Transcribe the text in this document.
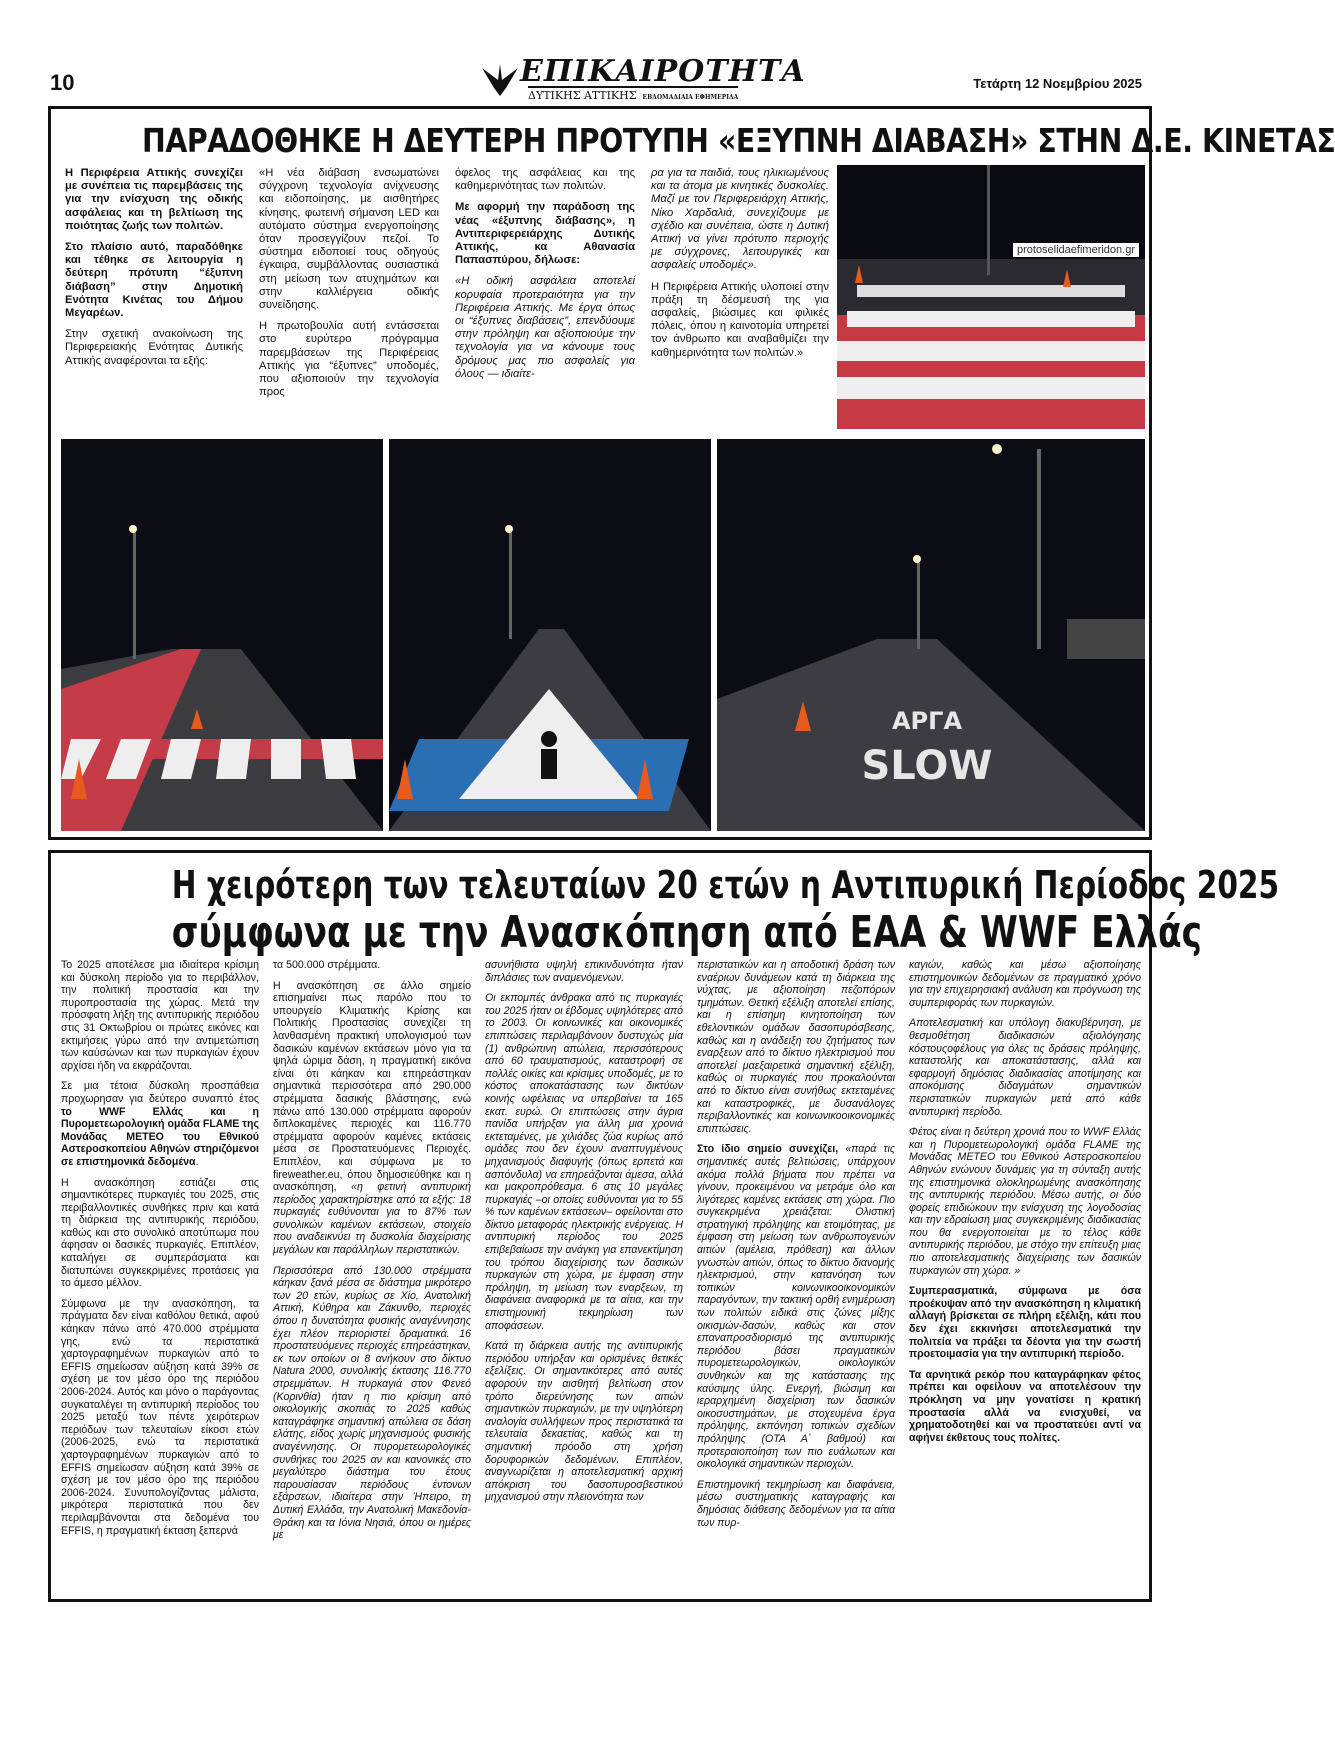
10	ΕΠΙΚΑΙΡΟΤΗΤΑ
ΔΥΤΙΚΗΣ ΑΤΤΙΚΗΣ ΕΒΔΟΜΑΔΙΑΙΑ ΕΦΗΜΕΡΙΔΑ
Τετάρτη 12 Νοεμβρίου 2025
ΠΑΡΑΔΟΘΗΚΕ Η ΔΕΥΤΕΡΗ ΠΡΟΤΥΠΗ «ΕΞΥΠΝΗ ΔΙΑΒΑΣΗ» ΣΤΗΝ Δ.Ε. ΚΙΝΕΤΑΣ

Η Περιφέρεια Αττικής συνεχίζει με συνέπεια τις παρεμβάσεις της για την ενίσχυση της οδικής ασφάλειας και τη βελτίωση της ποιότητας ζωής των πολιτών.

Στο πλαίσιο αυτό, παραδόθηκε και τέθηκε σε λειτουργία η δεύτερη πρότυπη “έξυπνη διάβαση” στην Δημοτική Ενότητα Κινέτας του Δήμου Μεγαρέων.

Στην σχετική ανακοίνωση της Περιφερειακής Ενότητας Δυτικής Αττικής αναφέρονται τα εξής:

«Η νέα διάβαση ενσωματώνει σύγχρονη τεχνολογία ανίχνευσης και ειδοποίησης, με αισθητήρες κίνησης, φωτεινή σήμανση LED και αυτόματο σύστημα ενεργοποίησης όταν προσεγγίζουν πεζοί. Το σύστημα ειδοποιεί τους οδηγούς έγκαιρα, συμβάλλοντας ουσιαστικά στη μείωση των ατυχημάτων και στην καλλιέργεια οδικής συνείδησης.

Η πρωτοβουλία αυτή εντάσσεται στο ευρύτερο πρόγραμμα παρεμβάσεων της Περιφέρειας Αττικής για “έξυπνες” υποδομές, που αξιοποιούν την τεχνολογία προς

όφελος της ασφάλειας και της καθημερινότητας των πολιτών.

Με αφορμή την παράδοση της νέας «έξυπνης διάβασης», η Αντιπεριφερειάρχης Δυτικής Αττικής, κα Αθανασία Παπασπύρου, δήλωσε:

«Η οδική ασφάλεια αποτελεί κορυφαία προτεραιότητα για την Περιφέρεια Αττικής. Με έργα όπως οι “έξυπνες διαβάσεις”, επενδύουμε στην πρόληψη και αξιοποιούμε την τεχνολογία για να κάνουμε τους δρόμους μας πιο ασφαλείς για όλους — ιδιαίτε-

ρα για τα παιδιά, τους ηλικιωμένους και τα άτομα με κινητικές δυσκολίες. Μαζί με τον Περιφερειάρχη Αττικής, Νίκο Χαρδαλιά, συνεχίζουμε με σχέδιο και συνέπεια, ώστε η Δυτική Αττική να γίνει πρότυπο περιοχής με σύγχρονες, λειτουργικές και ασφαλείς υποδομές».

Η Περιφέρεια Αττικής υλοποιεί στην πράξη τη δέσμευσή της για ασφαλείς, βιώσιμες και φιλικές πόλεις, όπου η καινοτομία υπηρετεί τον άνθρωπο και αναβαθμίζει την καθημερινότητα των πολιτών.»

protoselidaefimeridon.gr
ΑΡΓΑ
SLOW
Η χειρότερη των τελευταίων 20 ετών η Αντιπυρική Περίοδος 2025
σύμφωνα με την Ανασκόπηση από ΕΑΑ & WWF Ελλάς

Το 2025 αποτέλεσε μια ιδιαίτερα κρίσιμη και δύσκολη περίοδο για το περιβάλλον, την πολιτική προστασία και την πυροπροστασία της χώρας. Μετά την πρόσφατη λήξη της αντιπυρικής περιόδου στις 31 Οκτωβρίου οι πρώτες εικόνες και εκτιμήσεις γύρω από την αντιμετώπιση των καύσώνων και των πυρκαγιών έχουν αρχίσει ήδη να εκφράζονται.

Σε μια τέτοια δύσκολη προσπάθεια προχωρησαν για δεύτερο συναπτό έτος το WWF Ελλάς και η Πυρομετεωρολογική ομάδα FLAME της Μονάδας ΜΕΤΕΟ του Εθνικού Αστεροσκοπείου Αθηνών στηριζόμενοι σε επιστημονικά δεδομένα.

Η ανασκόπηση εστιάζει στις σημαντικότερες πυρκαγιές του 2025, στις περιβαλλοντικές συνθήκες πριν και κατά τη διάρκεια της αντιπυρικής περιόδου, καθώς και στο συνολικό αποτύπωμα που άφησαν οι δασικές πυρκαγιές. Επιπλέον, καταλήγει σε συμπεράσματα και διατυπώνει συγκεκριμένες προτάσεις για το άμεσο μέλλον.

Σύμφωνα με την ανασκόπηση, τα πράγματα δεν είναι καθόλου θετικά, αφού κάηκαν πάνω από 470.000 στρέμματα γης, ενώ τα περιστατικά χαρτογραφημένων πυρκαγιών από το EFFIS σημείωσαν αύξηση κατά 39% σε σχέση με τον μέσο όρο της περιόδου 2006-2024. Αυτός και μόνο ο παράγοντας συγκαταλέγει τη αντιπυρική περίοδος του 2025 μεταξύ των πέντε χειρότερων περιόδων των τελευταίων είκοσι ετών (2006-2025, ενώ τα περιστατικά χαρτογραφημένων πυρκαγιών από το EFFIS σημείωσαν αύξηση κατά 39% σε σχέση με τον μέσο όρο της περιόδου 2006-2024. Συνυπολογίζοντας μάλιστα, μικρότερα περιστατικά που δεν περιλαμβάνονται στα δεδομένα του EFFIS, η πραγματική έκταση ξεπερνά

τα 500.000 στρέμματα.

Η ανασκόπηση σε άλλο σημείο επισημαίνει πως παρόλο που το υπουργείο Κλιματικής Κρίσης και Πολιτικής Προστασίας συνεχίζει τη λανθασμένη πρακτική υπολογισμού των δασικών καμένων εκτάσεων μόνο για τα ψηλά ώριμα δάση, η πραγματική εικόνα είναι ότι κάηκαν και επηρεάστηκαν σημαντικά περισσότερα από 290.000 στρέμματα δασικής βλάστησης, ενώ πάνω από 130.000 στρέμματα αφορούν διπλοκαμένες περιοχές και 116.770 στρέμματα αφορούν καμένες εκτάσεις μέσα σε Προστατευόμενες Περιοχές. Επιπλέον, και σύμφωνα με το fireweather.eu, όπου δημοσιεύθηκε και η ανασκόπηση, «η φετινή αντιπυρική περίοδος χαρακτηρίστηκε από τα εξής: 18 πυρκαγιές ευθύνονται για το 87% των συνολικών καμένων εκτάσεων, στοιχείο που αναδεικνύει τη δυσκολία διαχείρισης μεγάλων και παράλληλων περιστατικών.

Περισσότερα από 130.000 στρέμματα κάηκαν ξανά μέσα σε διάστημα μικρότερο των 20 ετών, κυρίως σε Χίο, Ανατολική Αττική, Κύθηρα και Ζάκυνθο, περιοχές όπου η δυνατότητα φυσικής αναγέννησης έχει πλέον περιοριστεί δραματικά. 16 προστατευόμενες περιοχές επηρεάστηκαν, εκ των οποίων οι 8 ανήκουν στο δίκτυο Natura 2000, συνολικής έκτασης 116.770 στρεμμάτων. Η πυρκαγιά στον Φενεό (Κορινθία) ήταν η πιο κρίσιμη από οικολογικής σκοπιάς το 2025 καθώς καταγράφηκε σημαντική απώλεια σε δάση ελάτης, είδος χωρίς μηχανισμούς φυσικής αναγέννησης. Οι πυρομετεωρολογικές συνθήκες του 2025 αν και κανονικές στο μεγαλύτερο διάστημα του έτους παρουσίασαν περιόδους έντονων εξάρσεων, ιδιαίτερα στην Ήπειρο, τη Δυτική Ελλάδα, την Ανατολική Μακεδονία-Θράκη και τα Ιόνια Νησιά, όπου οι ημέρες με

ασυνήθιστα υψηλή επικινδυνότητα ήταν διπλάσιες των αναμενόμενων.

Οι εκπομπές άνθρακα από τις πυρκαγιές του 2025 ήταν οι έβδομες υψηλότερες από το 2003. Οι κοινωνικές και οικονομικές επιπτώσεις περιλαμβάνουν δυστυχώς μία (1) ανθρώπινη απώλεια, περισσότερους από 60 τραυματισμούς, καταστροφή σε πολλές οικίες και κρίσιμες υποδομές, με το κόστος αποκατάστασης των δικτύων κοινής ωφέλειας να υπερβαίνει τα 165 εκατ. ευρώ. Οι επιπτώσεις στην άγρια πανίδα υπήρξαν για άλλη μια χρονιά εκτεταμένες, με χιλιάδες ζώα κυρίως από ομάδες που δεν έχουν αναπτυγμένους μηχανισμούς διαφυγής (όπως ερπετά και ασπόνδυλα) να επηρεάζονται άμεσα, αλλά και μακροπρόθεσμα. 6 στις 10 μεγάλες πυρκαγιές –οι οποίες ευθύνονται για το 55 % των καμένων εκτάσεων– οφείλονται στο δίκτυο μεταφοράς ηλεκτρικής ενέργειας. Η αντιπυρική περίοδος του 2025 επιβεβαίωσε την ανάγκη για επανεκτίμηση του τρόπου διαχείρισης των δασικών πυρκαγιών στη χώρα, με έμφαση στην πρόληψη, τη μείωση των εναρξεων, τη διαφάνεια αναφορικά με τα αίτια, και την επιστημονική τεκμηρίωση των αποφάσεων.

Κατά τη διάρκεια αυτής της αντιπυρικής περιόδου υπήρξαν και ορισμένες θετικές εξελίξεις. Οι σημαντικότερες από αυτές αφορούν την αισθητή βελτίωση στον τρόπο διερεύνησης των αιτιών σημαντικών πυρκαγιών, με την υψηλότερη αναλογία συλλήψεων προς περιστατικά τα τελευταία δεκαετίας, καθώς και τη σημαντική πρόοδο στη χρήση δορυφορικών δεδομένων. Επιπλέον, αναγνωρίζεται η αποτελεσματική αρχική απόκριση του δασοπυροσβεστικού μηχανισμού στην πλειονότητα των

περιστατικών και η αποδοτική δράση των εναέριων δυνάμεων κατά τη διάρκεια της νύχτας, με αξιοποίηση πεζοπόρων τμημάτων. Θετική εξέλιξη αποτελεί επίσης, και η επίσημη κινητοποίηση των εθελοντικών ομάδων δασοπυρόσβεσης, καθώς και η ανάδειξη του ζητήματος των εναρξεων από το δίκτυο ηλεκτρισμού που αποτελεί μαεξαιρετικά σημαντική εξέλιξη, καθώς οι πυρκαγιές που προκαλούνται από το δίκτυο είναι συνήθως εκτεταμένες και καταστροφικές, με δυσανάλογες περιβαλλοντικές και κοινωνικοοικονομικές επιπτώσεις.

Στο ίδιο σημείο συνεχίζει, «παρά τις σημαντικές αυτές βελτιώσεις, υπάρχουν ακόμα πολλά βήματα που πρέπει να γίνουν, προκειμένου να μετράμε όλο και λιγότερες καμένες εκτάσεις στη χώρα. Πιο συγκεκριμένα χρειάζεται: Ολιστική στρατηγική πρόληψης και ετοιμότητας, με έμφαση στη μείωση των ανθρωπογενών αιτιών (αμέλεια, πρόθεση) και άλλων γνωστών αιτιών, όπως το δίκτυο διανομής ηλεκτρισμού, στην κατανόηση των τοπικών κοινωνικοοικονομικών παραγόντων, την τακτική ορθή ενημέρωση των πολιτών ειδικά στις ζώνες μίξης οικισμών-δασών, καθώς και στον επαναπροσδιορισμό της αντιπυρικής περιόδου βάσει πραγματικών πυρομετεωρολογικών, οικολογικών συνθηκών και της κατάστασης της καύσιμης ύλης. Ενεργή, βιώσιμη και ιεραρχημένη διαχείριση των δασικών οικοσυστημάτων, με στοχευμένα έργα πρόληψης, εκπόνηση τοπικών σχεδίων πρόληψης (ΟΤΑ Α΄ βαθμού) και προτεραιοποίηση των πιο ευάλωτων και οικολογικά σημαντικών περιοχών.

Επιστημονική τεκμηρίωση και διαφάνεια, μέσω συστηματικής καταγραφής και δημόσιας διάθεσης δεδομένων για τα αίτια των πυρ-

καγιών, καθώς και μέσω αξιοποίησης επιστημονικών δεδομένων σε πραγματικό χρόνο για την επιχειρησιακή ανάλυση και πρόγνωση της συμπεριφοράς των πυρκαγιών.

Αποτελεσματική και υπόλογη διακυβέρνηση, με θεσμοθέτηση διαδικασιών αξιολόγησης κόστουςοφέλους για όλες τις δράσεις πρόληψης, καταστολής και αποκατάστασης, αλλά και εφαρμογή δημόσιας διαδικασίας αποτίμησης και αποκόμισης διδαγμάτων σημαντικών περιστατικών πυρκαγιών μετά από κάθε αντιπυρική περίοδο.

Φέτος είναι η δεύτερη χρονιά που το WWF Ελλάς και η Πυρομετεωρολογική ομάδα FLAME της Μονάδας ΜΕΤΕΟ του Εθνικού Αστεροσκοπείου Αθηνών ενώνουν δυνάμεις για τη σύνταξη αυτής της επιστημονικά ολοκληρωμένης ανασκόπησης της αντιπυρικής περιόδου. Μέσω αυτής, οι δύο φορείς επιδιώκουν την ενίσχυση της λογοδοσίας και την εδραίωση μιας συγκεκριμένης διαδικασίας που θα ενεργοποιείται με το τέλος κάθε αντιπυρικής περιόδου, με στόχο την επίτευξη μιας πιο αποτελεσματικής διαχείρισης των δασικών πυρκαγιών στη χώρα. »

Συμπερασματικά, σύμφωνα με όσα προέκυψαν από την ανασκόπηση η κλιματική αλλαγή βρίσκεται σε πλήρη εξέλιξη, κάτι που δεν έχει εκκινήσει αποτελεσματικά την πολιτεία να πράξει τα δέοντα για την σωστή προετοιμασία για την αντιπυρική περίοδο.

Τα αρνητικά ρεκόρ που καταγράφηκαν φέτος πρέπει και οφείλουν να αποτελέσουν την πρόκληση να μην γονατίσει η κρατική προστασία αλλά να ενισχυθεί, να χρηματοδοτηθεί και να προστατεύει αντί να αφήνει έκθετους τους πολίτες.
